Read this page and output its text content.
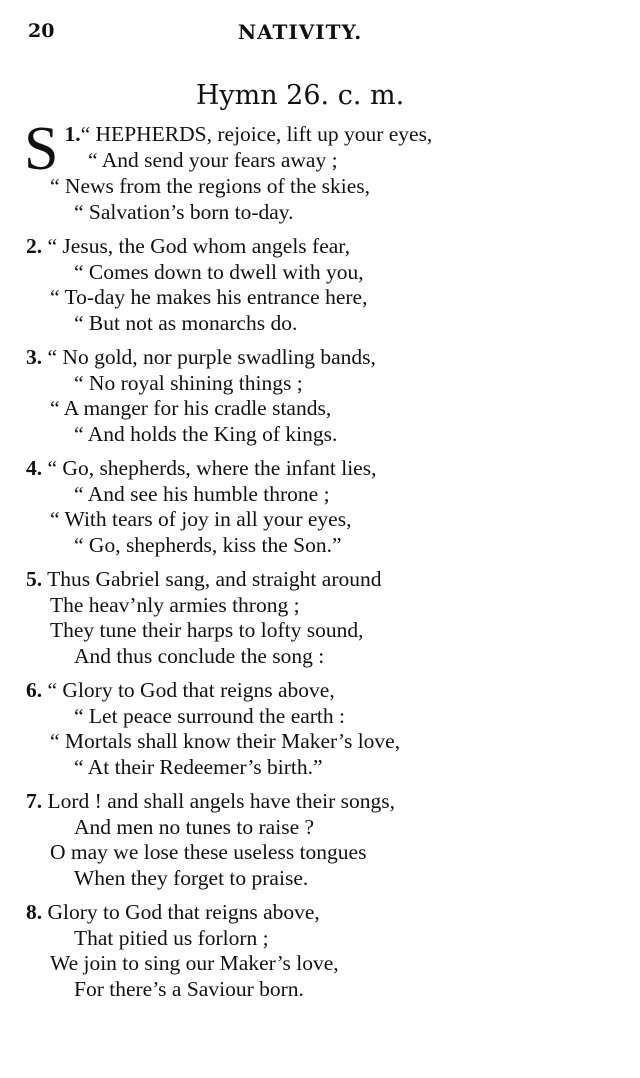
20	NATIVITY.
Hymn 26. c. m.
1.“
S HEPHERDS, rejoice, lift up your eyes,
“ And send your fears away ;
“ News from the regions of the skies,
“ Salvation’s born to-day.
2. “ Jesus, the God whom angels fear,
“ Comes down to dwell with you,
“ To-day he makes his entrance here,
“ But not as monarchs do.
3. “ No gold, nor purple swadling bands,
“ No royal shining things ;
“ A manger for his cradle stands,
“ And holds the King of kings.
4. “ Go, shepherds, where the infant lies,
“ And see his humble throne ;
“ With tears of joy in all your eyes,
“ Go, shepherds, kiss the Son.”
5. Thus Gabriel sang, and straight around
The heav’nly armies throng ;
They tune their harps to lofty sound,
And thus conclude the song :
6. “ Glory to God that reigns above,
“ Let peace surround the earth :
“ Mortals shall know their Maker’s love,
“ At their Redeemer’s birth.”
7. Lord ! and shall angels have their songs,
And men no tunes to raise ?
O may we lose these useless tongues
When they forget to praise.
8. Glory to God that reigns above,
That pitied us forlorn ;
We join to sing our Maker’s love,
For there’s a Saviour born.
